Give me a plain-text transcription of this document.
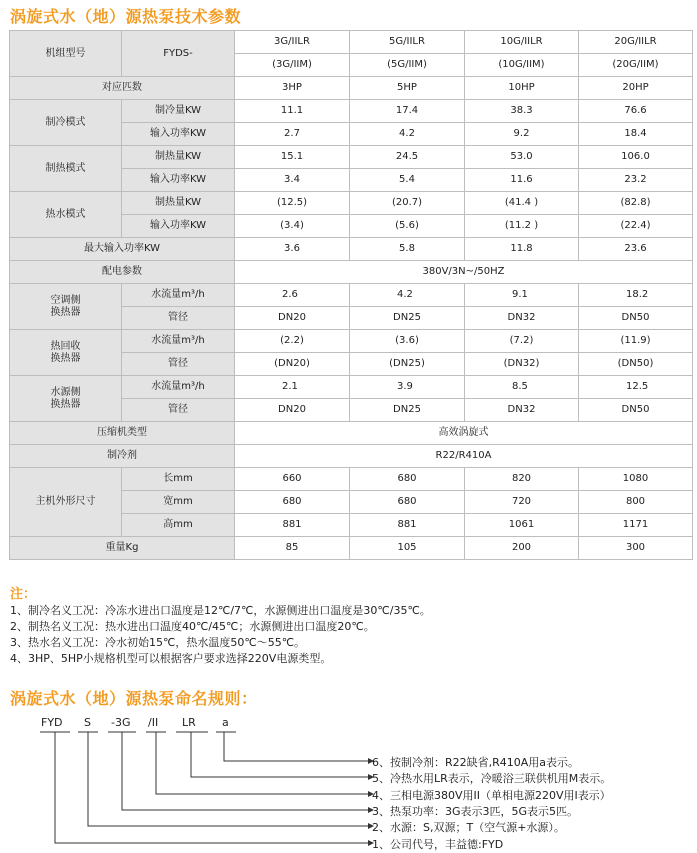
涡旋式水（地）源热泵技术参数
机组型号	FYDS-	3G/IILR	5G/IILR	10G/IILR	20G/IILR
		(3G/IIM)	(5G/IIM)	(10G/IIM)	(20G/IIM)
对应匹数		3HP	5HP	10HP	20HP
制冷模式	制冷量KW	11.1	17.4	38.3	76.6
	输入功率KW	2.7	4.2	9.2	18.4
制热模式	制热量KW	15.1	24.5	53.0	106.0
	输入功率KW	3.4	5.4	11.6	23.2
热水模式	制热量KW	(12.5)	(20.7)	(41.4 )	(82.8)
	输入功率KW	(3.4)	(5.6)	(11.2 )	(22.4)
最大输入功率KW		3.6	5.8	11.8	23.6
配电参数		380V/3N~/50HZ			
空调侧
换热器	水流量m³/h	2.6	4.2	9.1	18.2
	管径	DN20	DN25	DN32	DN50
热回收
换热器	水流量m³/h	(2.2)	(3.6)	(7.2)	(11.9)
	管径	(DN20)	(DN25)	(DN32)	(DN50)
水源侧
换热器	水流量m³/h	2.1	3.9	8.5	12.5
	管径	DN20	DN25	DN32	DN50
压缩机类型		高效涡旋式			
制冷剂		R22/R410A			
主机外形尺寸	长mm	660	680	820	1080
	宽mm	680	680	720	800
	高mm	881	881	1061	1171
重量Kg		85	105	200	300
注：
1、制冷名义工况：冷冻水进出口温度是12℃/7℃，水源侧进出口温度是30℃/35℃。
2、制热名义工况：热水进出口温度40℃/45℃；水源侧进出口温度20℃。
3、热水名义工况：冷水初始15℃，热水温度50℃～55℃。
4、3HP、5HP小规格机型可以根据客户要求选择220V电源类型。
涡旋式水（地）源热泵命名规则：
FYD S -3G /II LR a
6、按制冷剂：R22缺省,R410A用a表示。
5、冷热水用LR表示，冷暖浴三联供机用M表示。
4、三相电源380V用II（单相电源220V用I表示）
3、热泵功率：3G表示3匹，5G表示5匹。
2、水源：S,双源；T（空气源+水源）。
1、公司代号，丰益德:FYD
